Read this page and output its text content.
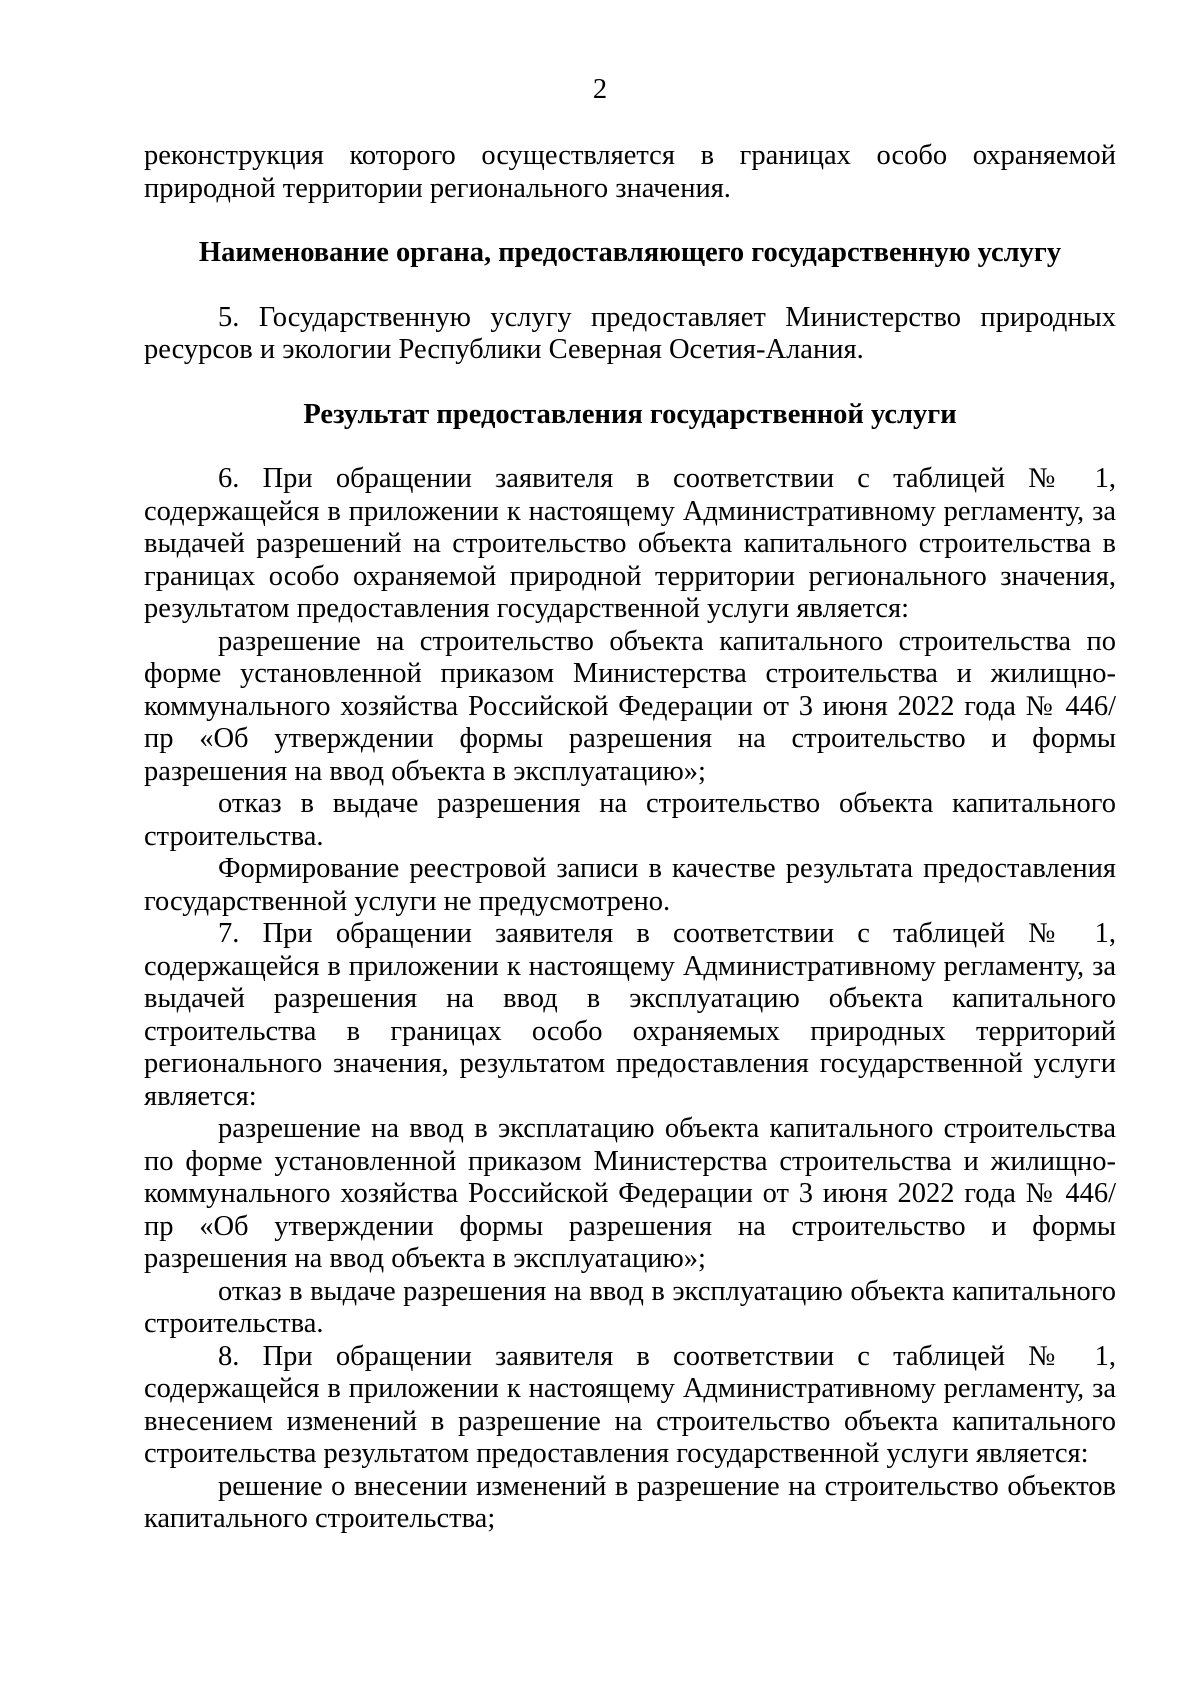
2

реконструкция которого осуществляется в границах особо охраняемой природной территории регионального значения.

Наименование органа, предоставляющего государственную услугу

5. Государственную услугу предоставляет Министерство природных ресурсов и экологии Республики Северная Осетия-Алания.

Результат предоставления государственной услуги

6. При обращении заявителя в соответствии с таблицей № 1, содержащейся в приложении к настоящему Административному регламенту, за выдачей разрешений на строительство объекта капитального строительства в границах особо охраняемой природной территории регионального значения, результатом предоставления государственной услуги является:

разрешение на строительство объекта капитального строительства по форме установленной приказом Министерства строительства и жилищно-коммунального хозяйства Российской Федерации от 3 июня 2022 года № 446/пр «Об утверждении формы разрешения на строительство и формы разрешения на ввод объекта в эксплуатацию»;

отказ в выдаче разрешения на строительство объекта капитального строительства.

Формирование реестровой записи в качестве результата предоставления государственной услуги не предусмотрено.

7. При обращении заявителя в соответствии с таблицей № 1, содержащейся в приложении к настоящему Административному регламенту, за выдачей разрешения на ввод в эксплуатацию объекта капитального строительства в границах особо охраняемых природных территорий регионального значения, результатом предоставления государственной услуги является:

разрешение на ввод в эксплатацию объекта капитального строительства по форме установленной приказом Министерства строительства и жилищно-коммунального хозяйства Российской Федерации от 3 июня 2022 года № 446/пр «Об утверждении формы разрешения на строительство и формы разрешения на ввод объекта в эксплуатацию»;

отказ в выдаче разрешения на ввод в эксплуатацию объекта капитального строительства.

8. При обращении заявителя в соответствии с таблицей № 1, содержащейся в приложении к настоящему Административному регламенту, за внесением изменений в разрешение на строительство объекта капитального строительства результатом предоставления государственной услуги является:

решение о внесении изменений в разрешение на строительство объектов капитального строительства;
